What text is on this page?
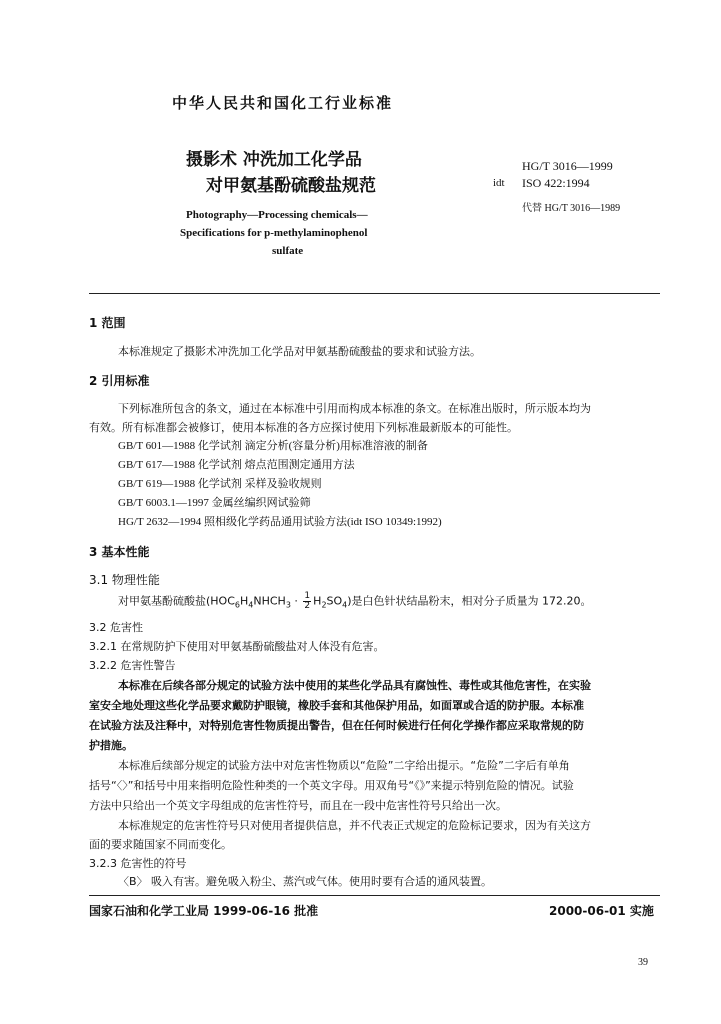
中华人民共和国化工行业标准
摄影术 冲洗加工化学品
对甲氨基酚硫酸盐规范
Photography—Processing chemicals—
Specifications for p-methylaminophenol
sulfate
HG/T 3016—1999
idt ISO 422:1994
代替 HG/T 3016—1989
1 范围
本标准规定了摄影术冲洗加工化学品对甲氨基酚硫酸盐的要求和试验方法。
2 引用标准
下列标准所包含的条文，通过在本标准中引用而构成本标准的条文。在标准出版时，所示版本均为
有效。所有标准都会被修订，使用本标准的各方应探讨使用下列标准最新版本的可能性。
GB/T 601—1988 化学试剂 滴定分析(容量分析)用标准溶液的制备
GB/T 617—1988 化学试剂 熔点范围测定通用方法
GB/T 619—1988 化学试剂 采样及验收规则
GB/T 6003.1—1997 金属丝编织网试验筛
HG/T 2632—1994 照相级化学药品通用试验方法(idt ISO 10349:1992)
3 基本性能
3.1 物理性能
对甲氨基酚硫酸盐$(HOC_6H_4NHCH_3 \cdot \frac{1}{2} H_2SO_4)$是白色针状结晶粉末，相对分子质量为 172.20。
3.2 危害性
3.2.1 在常规防护下使用对甲氨基酚硫酸盐对人体没有危害。
3.2.2 危害性警告
本标准在后续各部分规定的试验方法中使用的某些化学品具有腐蚀性、毒性或其他危害性，在实验
室安全地处理这些化学品要求戴防护眼镜，橡胶手套和其他保护用品，如面罩或合适的防护服。本标准
在试验方法及注释中，对特别危害性物质提出警告，但在任何时候进行任何化学操作都应采取常规的防
护措施。
本标准后续部分规定的试验方法中对危害性物质以“危险”二字给出提示。“危险”二字后有单角
括号“〈〉”和括号中用来指明危险性种类的一个英文字母。用双角号“《》”来提示特别危险的情况。试验
方法中只给出一个英文字母组成的危害性符号，而且在一段中危害性符号只给出一次。
本标准规定的危害性符号只对使用者提供信息，并不代表正式规定的危险标记要求，因为有关这方
面的要求随国家不同而变化。
3.2.3 危害性的符号
〈B〉 吸入有害。避免吸入粉尘、蒸汽或气体。使用时要有合适的通风装置。
国家石油和化学工业局 1999-06-16 批准	2000-06-01 实施
39
